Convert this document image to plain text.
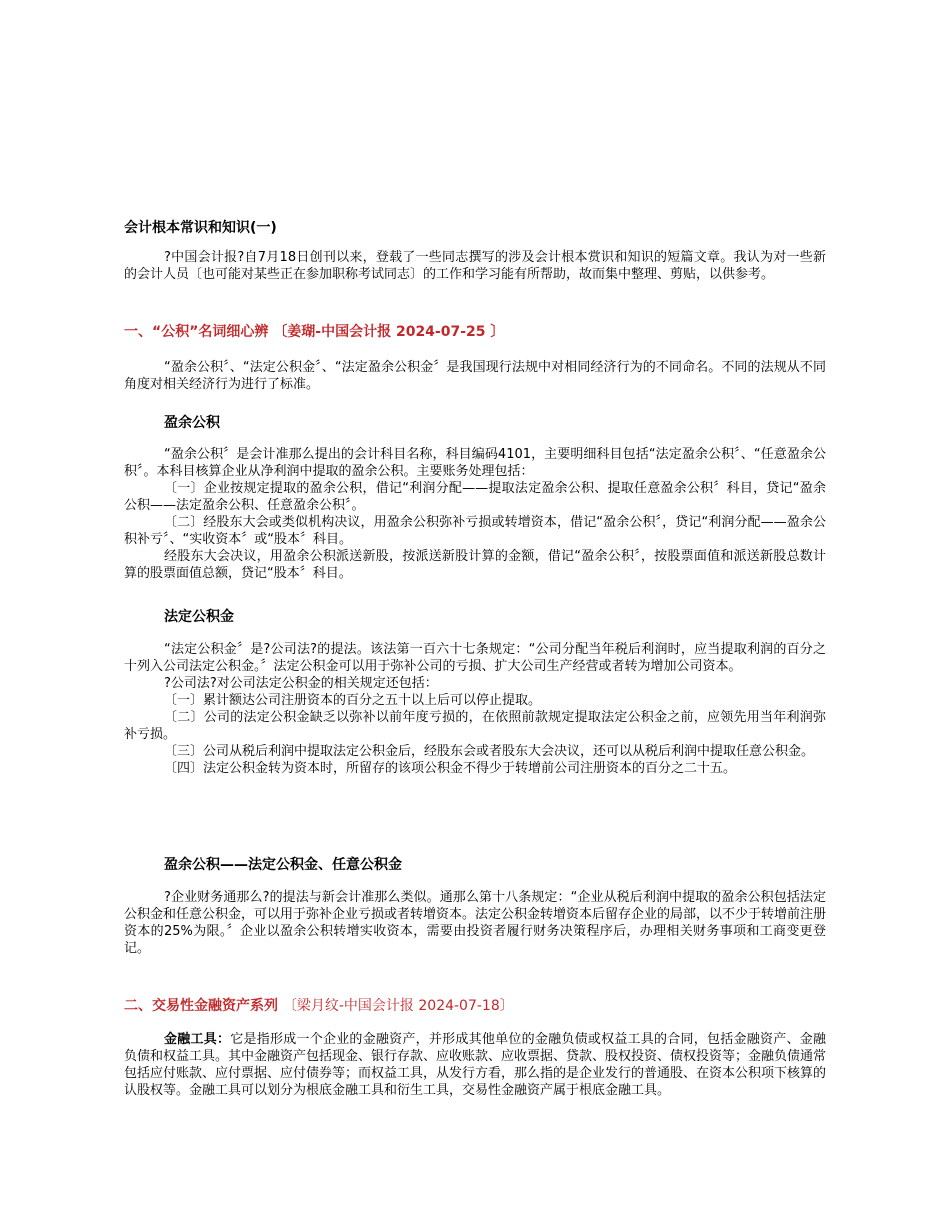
会计根本常识和知识(一)

?中国会计报?自7月18日创刊以来，登载了一些同志撰写的涉及会计根本赏识和知识的短篇文章。我认为对一些新的会计人员〔也可能对某些正在参加职称考试同志〕的工作和学习能有所帮助，故而集中整理、剪贴，以供参考。

一、“公积”名词细心辨 〔姜瑚-中国会计报 2024-07-25 〕

“盈余公积〞、“法定公积金〞、“法定盈余公积金〞是我国现行法规中对相同经济行为的不同命名。不同的法规从不同角度对相关经济行为进行了标准。

盈余公积

“盈余公积〞是会计准那么提出的会计科目名称，科目编码4101，主要明细科目包括“法定盈余公积〞、“任意盈余公积〞。本科目核算企业从净利润中提取的盈余公积。主要账务处理包括：

〔一〕企业按规定提取的盈余公积，借记“利润分配——提取法定盈余公积、提取任意盈余公积〞科目，贷记“盈余公积——法定盈余公积、任意盈余公积〞。

〔二〕经股东大会或类似机构决议，用盈余公积弥补亏损或转增资本，借记“盈余公积〞，贷记“利润分配——盈余公积补亏〞、“实收资本〞或“股本〞科目。

经股东大会决议，用盈余公积派送新股，按派送新股计算的金额，借记“盈余公积〞，按股票面值和派送新股总数计算的股票面值总额，贷记“股本〞科目。

法定公积金

“法定公积金〞是?公司法?的提法。该法第一百六十七条规定：“公司分配当年税后利润时，应当提取利润的百分之十列入公司法定公积金。〞法定公积金可以用于弥补公司的亏损、扩大公司生产经营或者转为增加公司资本。

?公司法?对公司法定公积金的相关规定还包括：

〔一〕累计额达公司注册资本的百分之五十以上后可以停止提取。

〔二〕公司的法定公积金缺乏以弥补以前年度亏损的，在依照前款规定提取法定公积金之前，应领先用当年利润弥补亏损。

〔三〕公司从税后利润中提取法定公积金后，经股东会或者股东大会决议，还可以从税后利润中提取任意公积金。

〔四〕法定公积金转为资本时，所留存的该项公积金不得少于转增前公司注册资本的百分之二十五。

盈余公积——法定公积金、任意公积金

?企业财务通那么?的提法与新会计准那么类似。通那么第十八条规定：“企业从税后利润中提取的盈余公积包括法定公积金和任意公积金，可以用于弥补企业亏损或者转增资本。法定公积金转增资本后留存企业的局部，以不少于转增前注册资本的25%为限。〞企业以盈余公积转增实收资本，需要由投资者履行财务决策程序后，办理相关财务事项和工商变更登记。

二、交易性金融资产系列 〔梁月纹-中国会计报 2024-07-18〕

金融工具：它是指形成一个企业的金融资产，并形成其他单位的金融负债或权益工具的合同，包括金融资产、金融负债和权益工具。其中金融资产包括现金、银行存款、应收账款、应收票据、贷款、股权投资、债权投资等；金融负债通常包括应付账款、应付票据、应付债券等；而权益工具，从发行方看，那么指的是企业发行的普通股、在资本公积项下核算的认股权等。金融工具可以划分为根底金融工具和衍生工具，交易性金融资产属于根底金融工具。
